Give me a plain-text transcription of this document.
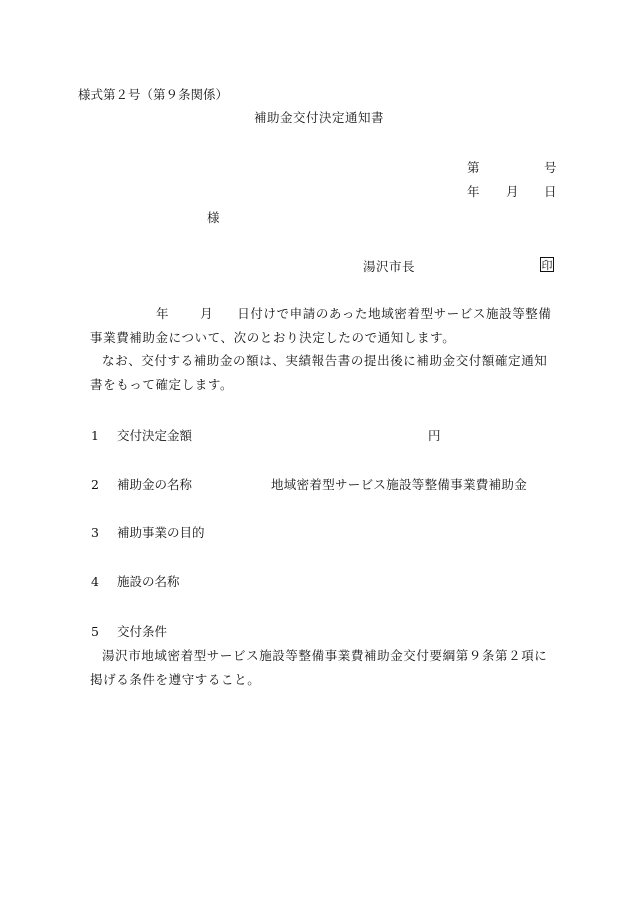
様式第２号（第９条関係）
補助金交付決定通知書
第	号
年 月 日
様
湯沢市長	印
年 月 日付けで申請のあった地域密着型サービス施設等整備事業費補助金について、次のとおり決定したので通知します。
なお、交付する補助金の額は、実績報告書の提出後に補助金交付額確定通知書をもって確定します。
1 交付決定金額	円
2 補助金の名称	地域密着型サービス施設等整備事業費補助金
3 補助事業の目的
4 施設の名称
5 交付条件
湯沢市地域密着型サービス施設等整備事業費補助金交付要綱第９条第２項に掲げる条件を遵守すること。
